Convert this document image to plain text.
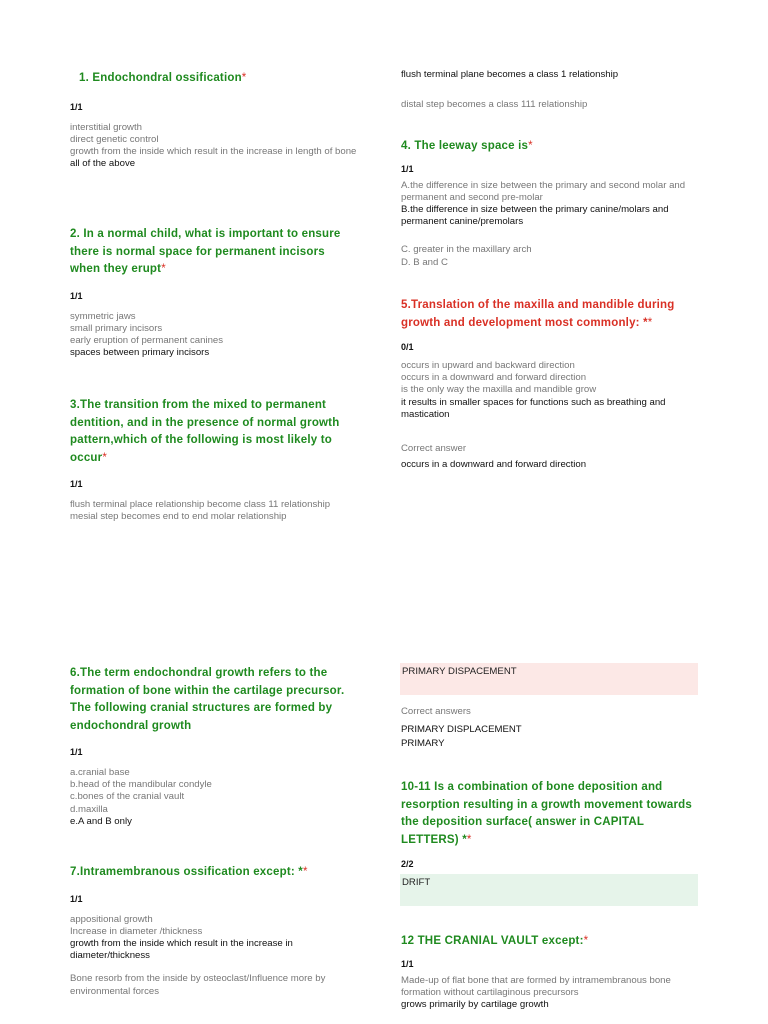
1. Endochondral ossification*
1/1
interstitial growth
direct genetic control
growth from the inside which result in the increase in length of bone
all of the above
2. In a normal child, what is important to ensure there is normal space for permanent incisors when they erupt*
1/1
symmetric jaws
small primary incisors
early eruption of permanent canines
spaces between primary incisors
3.The transition from the mixed to permanent dentition, and in the presence of normal growth pattern,which of the following is most likely to occur*
1/1
flush terminal place relationship become class 11 relationship
mesial step becomes end to end molar relationship
6.The term endochondral growth refers to the formation of bone within the cartilage precursor. The following cranial structures are formed by endochondral growth
1/1
a.cranial base
b.head of the mandibular condyle
c.bones of the cranial vault
d.maxilla
e.A and B only
7.Intramembranous ossification except: **
1/1
appositional growth
Increase in diameter /thickness
growth from the inside which result in the increase in diameter/thickness
Bone resorb from the inside by osteoclast/Influence more by environmental forces
flush terminal plane becomes a class 1 relationship
distal step becomes a class 111 relationship
4. The leeway space is*
1/1
A.the difference in size between the primary and second molar and permanent and second pre-molar
B.the difference in size between the primary canine/molars and permanent canine/premolars
C. greater in the maxillary arch
D. B and C
5.Translation of the maxilla and mandible during growth and development most commonly: **
0/1
occurs in upward and backward direction
occurs in a downward and forward direction
is the only way the maxilla and mandible grow
it results in smaller spaces for functions such as breathing and mastication
Correct answer
occurs in a downward and forward direction
PRIMARY DISPACEMENT
Correct answers
PRIMARY DISPLACEMENT
PRIMARY
10-11 Is a combination of bone deposition and resorption resulting in a growth movement towards the deposition surface( answer in CAPITAL LETTERS) **
2/2
DRIFT
12 THE CRANIAL VAULT except:*
1/1
Made-up of flat bone that are formed by intramembranous bone formation without cartilaginous precursors
grows primarily by cartilage growth
